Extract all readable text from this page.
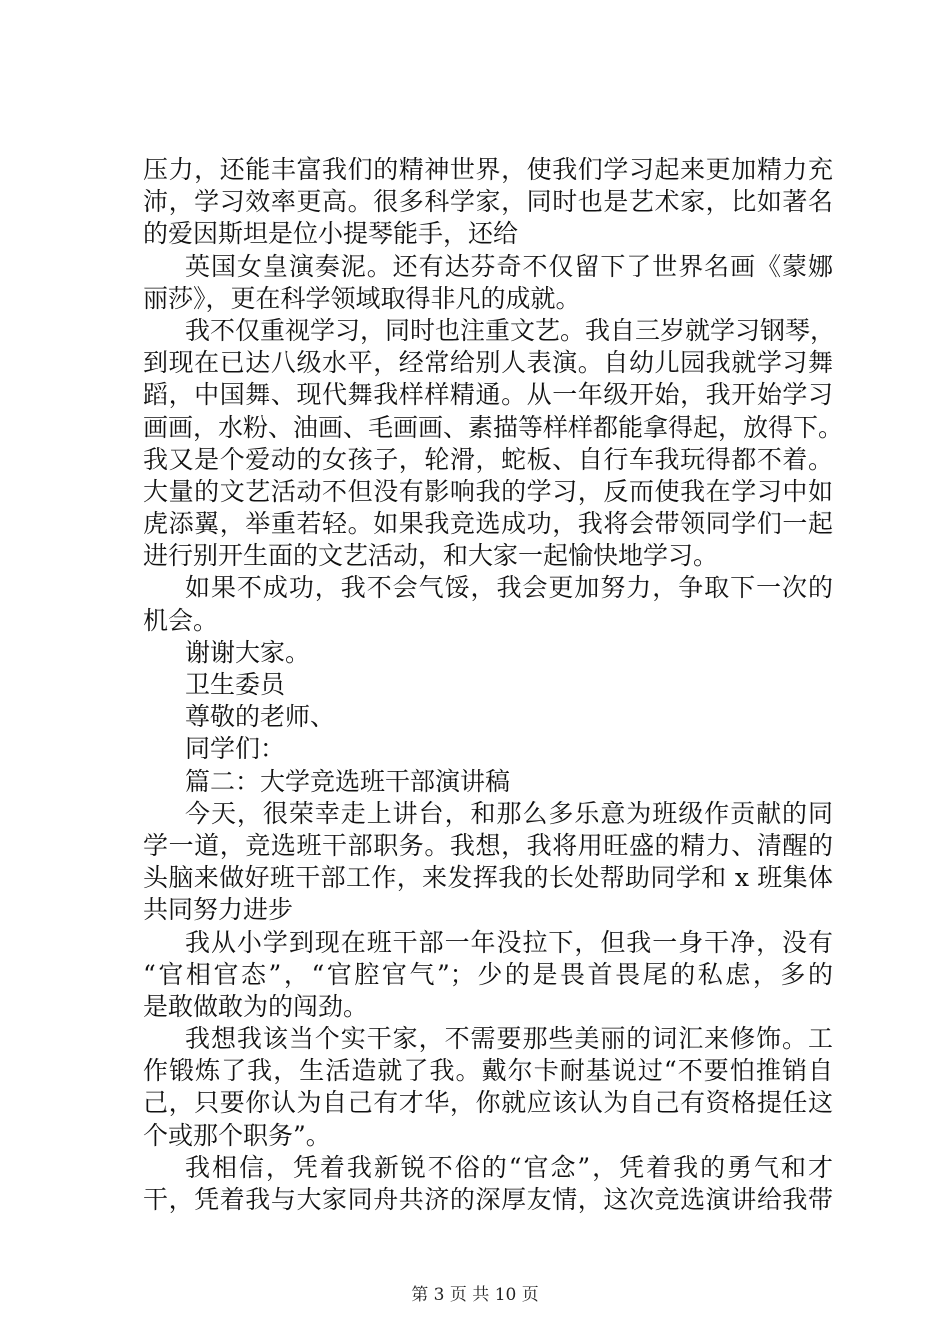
压力，还能丰富我们的精神世界，使我们学习起来更加精力充
沛，学习效率更高。很多科学家，同时也是艺术家，比如著名
的爱因斯坦是位小提琴能手，还给
英国女皇演奏泥。还有达芬奇不仅留下了世界名画《蒙娜
丽莎》，更在科学领域取得非凡的成就。
我不仅重视学习，同时也注重文艺。我自三岁就学习钢琴，
到现在已达八级水平，经常给别人表演。自幼儿园我就学习舞
蹈，中国舞、现代舞我样样精通。从一年级开始，我开始学习
画画，水粉、油画、毛画画、素描等样样都能拿得起，放得下。
我又是个爱动的女孩子，轮滑，蛇板、自行车我玩得都不着。
大量的文艺活动不但没有影响我的学习，反而使我在学习中如
虎添翼，举重若轻。如果我竞选成功，我将会带领同学们一起
进行别开生面的文艺活动，和大家一起愉快地学习。
如果不成功，我不会气馁，我会更加努力，争取下一次的
机会。
谢谢大家。
卫生委员
尊敬的老师、
同学们：
篇二：大学竞选班干部演讲稿
今天，很荣幸走上讲台，和那么多乐意为班级作贡献的同
学一道，竞选班干部职务。我想，我将用旺盛的精力、清醒的
头脑来做好班干部工作，来发挥我的长处帮助同学和 x 班集体
共同努力进步
我从小学到现在班干部一年没拉下，但我一身干净，没有
“官相官态”，“官腔官气”；少的是畏首畏尾的私虑，多的
是敢做敢为的闯劲。
我想我该当个实干家，不需要那些美丽的词汇来修饰。工
作锻炼了我，生活造就了我。戴尔卡耐基说过“不要怕推销自
己，只要你认为自己有才华，你就应该认为自己有资格提任这
个或那个职务”。
我相信，凭着我新锐不俗的“官念”，凭着我的勇气和才
干，凭着我与大家同舟共济的深厚友情，这次竞选演讲给我带
第 3 页 共 10 页
